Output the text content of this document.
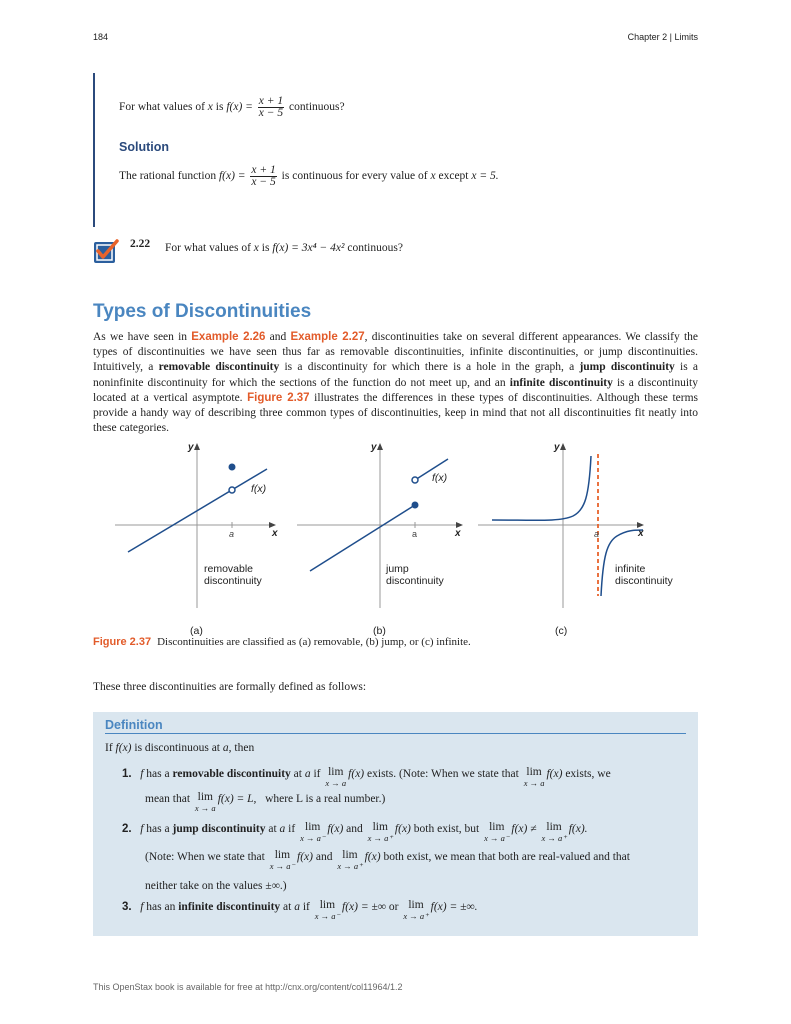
184	Chapter 2 | Limits
For what values of x is $f(x) = \frac{x + 1}{x - 5}$ continuous?
Solution
The rational function $f(x) = \frac{x + 1}{x - 5}$ is continuous for every value of x except x = 5.
2.22 For what values of x is f(x) = 3x⁴ − 4x² continuous?
Types of Discontinuities
As we have seen in Example 2.26 and Example 2.27, discontinuities take on several different appearances. We classify the types of discontinuities we have seen thus far as removable discontinuities, infinite discontinuities, or jump discontinuities. Intuitively, a removable discontinuity is a discontinuity for which there is a hole in the graph, a jump discontinuity is a noninfinite discontinuity for which the sections of the function do not meet up, and an infinite discontinuity is a discontinuity located at a vertical asymptote. Figure 2.37 illustrates the differences in these types of discontinuities. Although these terms provide a handy way of describing three common types of discontinuities, keep in mind that not all discontinuities fit neatly into these categories.
y
x
a
f(x)
removable
discontinuity
(a)
y
x
a
f(x)
jump
discontinuity
(b)
y
x
a
infinite
discontinuity
(c)
Figure 2.37 Discontinuities are classified as (a) removable, (b) jump, or (c) infinite.
These three discontinuities are formally defined as follows:
Definition
If f(x) is discontinuous at a, then
1. f has a removable discontinuity at a if lim
x → a
f(x) exists. (Note: When we state that lim
x → a
f(x) exists, we
mean that lim
x → a
f(x) = L, where L is a real number.)
2. f has a jump discontinuity at a if lim
x → a⁻
f(x) and lim
x → a⁺
f(x) both exist, but lim
x → a⁻
f(x) ≠ lim
x → a⁺
f(x).
(Note: When we state that lim
x → a⁻
f(x) and lim
x → a⁺
f(x) both exist, we mean that both are real-valued and that
neither take on the values ±∞.)
3. f has an infinite discontinuity at a if lim
x → a⁻
f(x) = ±∞ or lim
x → a⁺
f(x) = ±∞.
This OpenStax book is available for free at http://cnx.org/content/col11964/1.2
